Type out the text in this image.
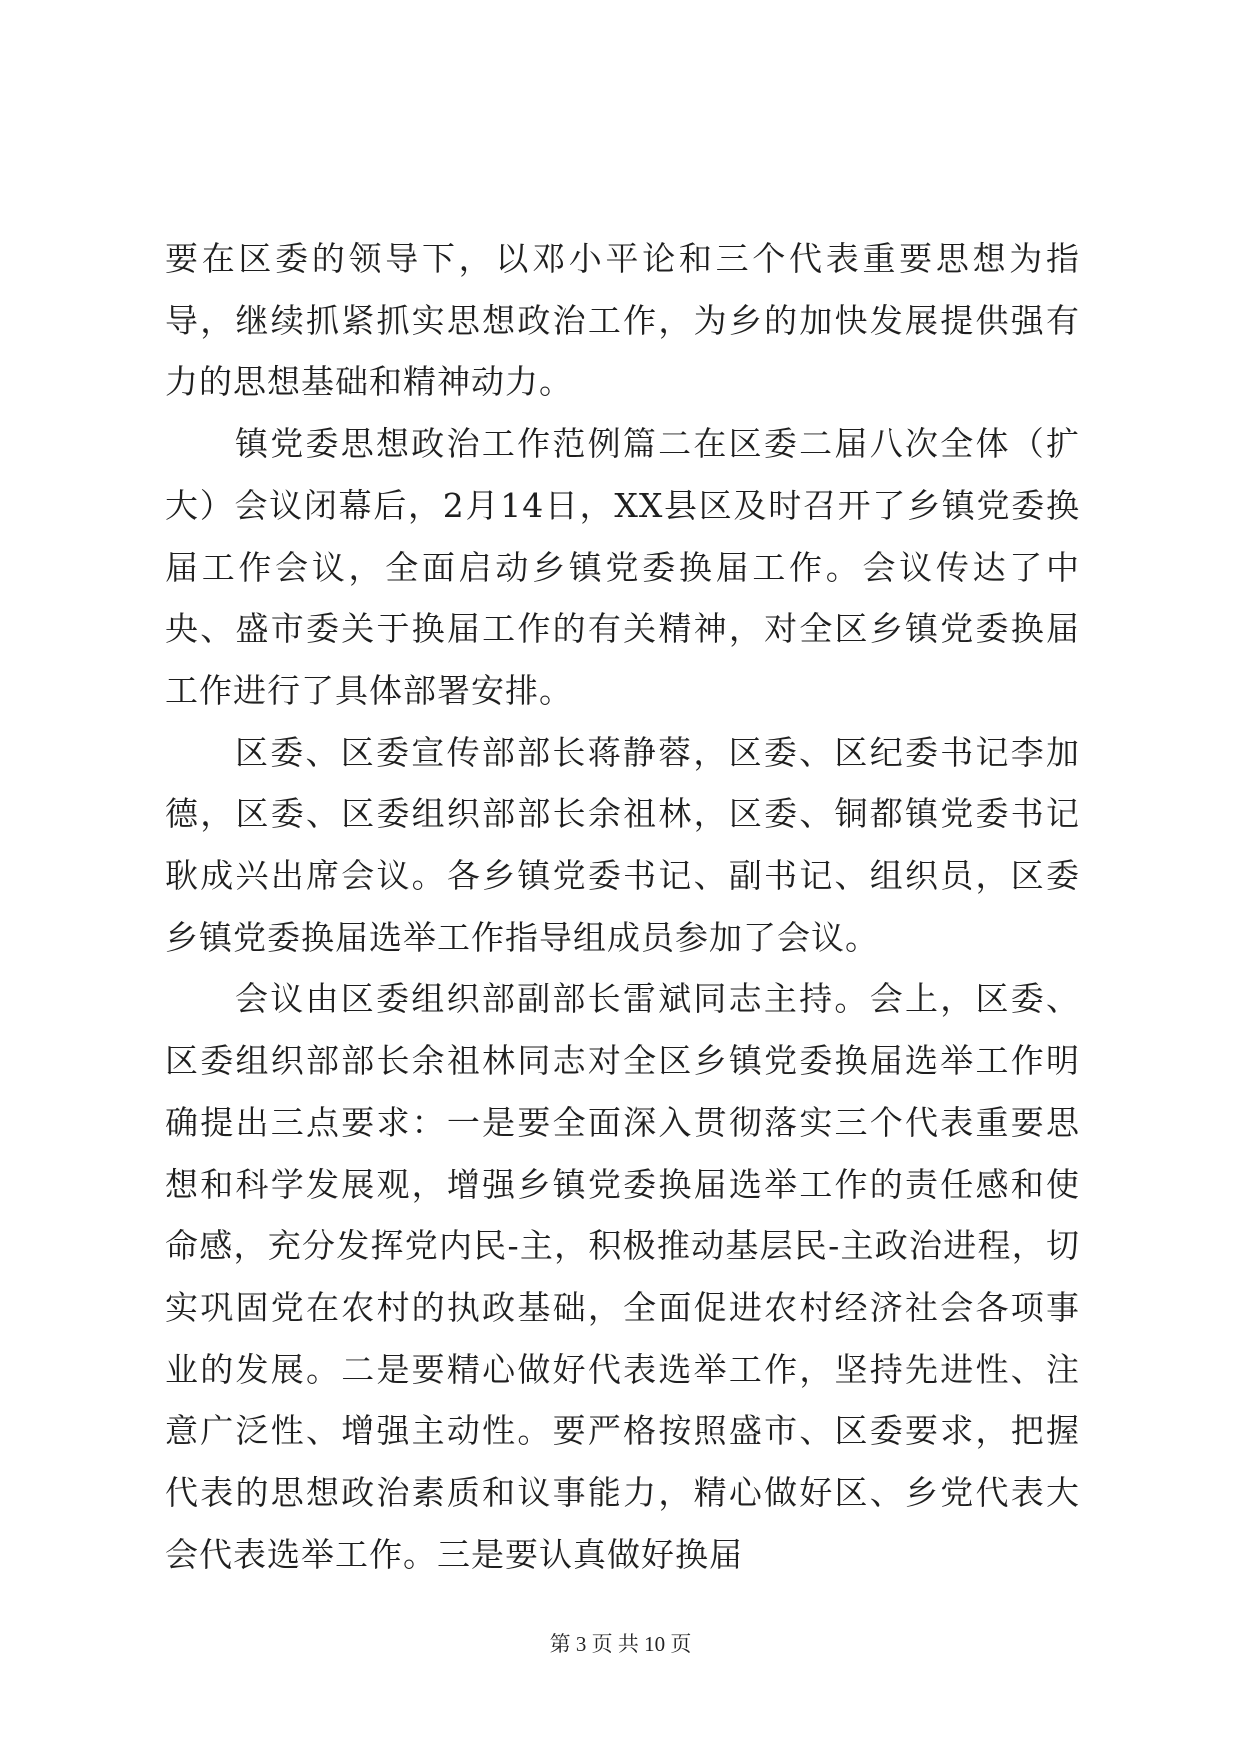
要在区委的领导下，以邓小平论和三个代表重要思想为指导，继续抓紧抓实思想政治工作，为乡的加快发展提供强有力的思想基础和精神动力。

镇党委思想政治工作范例篇二在区委二届八次全体（扩大）会议闭幕后，2月14日，XX县区及时召开了乡镇党委换届工作会议，全面启动乡镇党委换届工作。会议传达了中央、盛市委关于换届工作的有关精神，对全区乡镇党委换届工作进行了具体部署安排。

区委、区委宣传部部长蒋静蓉，区委、区纪委书记李加德，区委、区委组织部部长余祖林，区委、铜都镇党委书记耿成兴出席会议。各乡镇党委书记、副书记、组织员，区委乡镇党委换届选举工作指导组成员参加了会议。

会议由区委组织部副部长雷斌同志主持。会上，区委、区委组织部部长余祖林同志对全区乡镇党委换届选举工作明确提出三点要求：一是要全面深入贯彻落实三个代表重要思想和科学发展观，增强乡镇党委换届选举工作的责任感和使命感，充分发挥党内民-主，积极推动基层民-主政治进程，切实巩固党在农村的执政基础，全面促进农村经济社会各项事业的发展。二是要精心做好代表选举工作，坚持先进性、注意广泛性、增强主动性。要严格按照盛市、区委要求，把握代表的思想政治素质和议事能力，精心做好区、乡党代表大会代表选举工作。三是要认真做好换届

第 3 页 共 10 页
